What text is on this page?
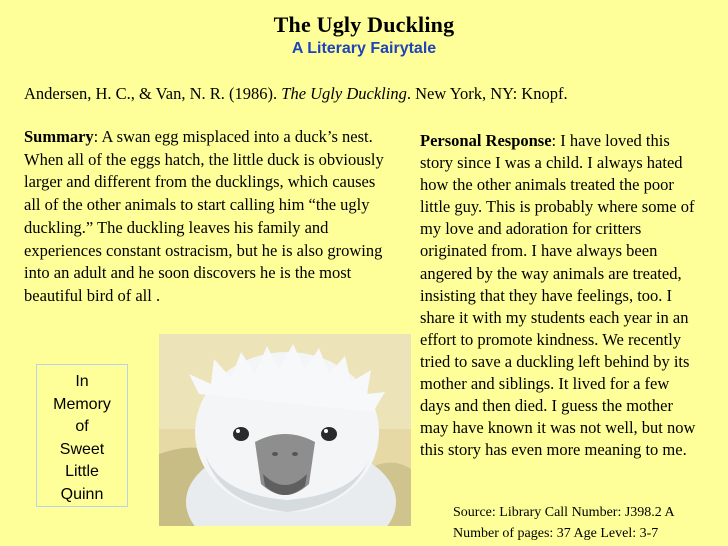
The Ugly Duckling
A Literary Fairytale
Andersen, H. C., & Van, N. R. (1986). The Ugly Duckling. New York, NY: Knopf.
Summary: A swan egg misplaced into a duck’s nest. When all of the eggs hatch, the little duck is obviously larger and different from the ducklings, which causes all of the other animals to start calling him “the ugly duckling.” The duckling leaves his family and experiences constant ostracism, but he is also growing into an adult and he soon discovers he is the most beautiful bird of all .
Personal Response: I have loved this story since I was a child. I always hated how the other animals treated the poor little guy. This is probably where some of my love and adoration for critters originated from. I have always been angered by the way animals are treated, insisting that they have feelings, too. I share it with my students each year in an effort to promote kindness. We recently tried to save a duckling left behind by its mother and siblings. It lived for a few days and then died. I guess the mother may have known it was not well, but now this story has even more meaning to me.
In
Memory
of
Sweet
Little
Quinn
Source: Library Call Number: J398.2 A
Number of pages: 37 Age Level: 3-7
